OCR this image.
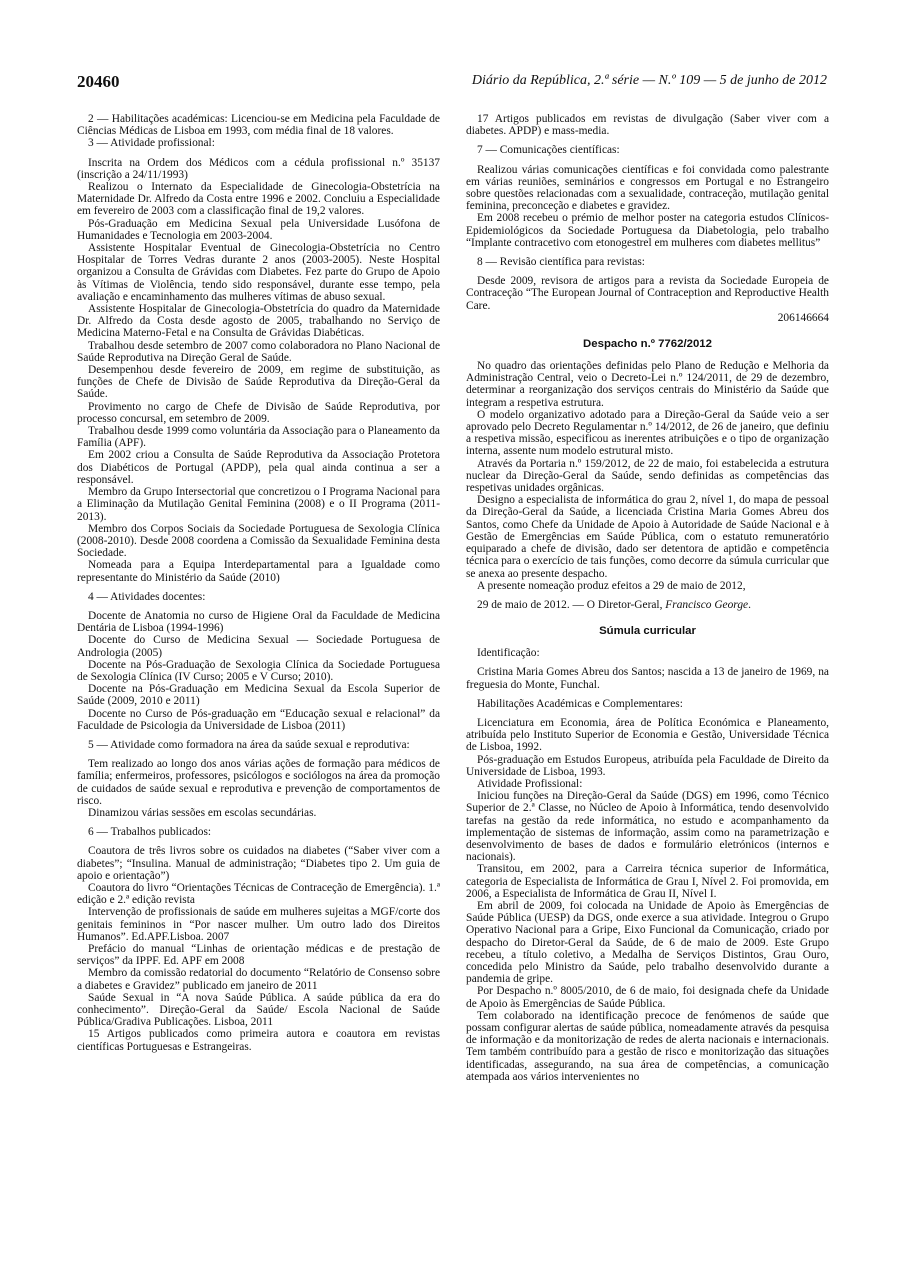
20460	Diário da República, 2.ª série — N.º 109 — 5 de junho de 2012

2 — Habilitações académicas: Licenciou-se em Medicina pela Faculdade de Ciências Médicas de Lisboa em 1993, com média final de 18 valores.

3 — Atividade profissional:

Inscrita na Ordem dos Médicos com a cédula profissional n.º 35137 (inscrição a 24/11/1993)

Realizou o Internato da Especialidade de Ginecologia-Obstetrícia na Maternidade Dr. Alfredo da Costa entre 1996 e 2002. Concluiu a Especialidade em fevereiro de 2003 com a classificação final de 19,2 valores.

Pós-Graduação em Medicina Sexual pela Universidade Lusófona de Humanidades e Tecnologia em 2003-2004.

Assistente Hospitalar Eventual de Ginecologia-Obstetrícia no Centro Hospitalar de Torres Vedras durante 2 anos (2003-2005). Neste Hospital organizou a Consulta de Grávidas com Diabetes. Fez parte do Grupo de Apoio às Vítimas de Violência, tendo sido responsável, durante esse tempo, pela avaliação e encaminhamento das mulheres vítimas de abuso sexual.

Assistente Hospitalar de Ginecologia-Obstetrícia do quadro da Maternidade Dr. Alfredo da Costa desde agosto de 2005, trabalhando no Serviço de Medicina Materno-Fetal e na Consulta de Grávidas Diabéticas.

Trabalhou desde setembro de 2007 como colaboradora no Plano Nacional de Saúde Reprodutiva na Direção Geral de Saúde.

Desempenhou desde fevereiro de 2009, em regime de substituição, as funções de Chefe de Divisão de Saúde Reprodutiva da Direção-Geral da Saúde.

Provimento no cargo de Chefe de Divisão de Saúde Reprodutiva, por processo concursal, em setembro de 2009.

Trabalhou desde 1999 como voluntária da Associação para o Planeamento da Família (APF).

Em 2002 criou a Consulta de Saúde Reprodutiva da Associação Protetora dos Diabéticos de Portugal (APDP), pela qual ainda continua a ser a responsável.

Membro da Grupo Intersectorial que concretizou o I Programa Nacional para a Eliminação da Mutilação Genital Feminina (2008) e o II Programa (2011-2013).

Membro dos Corpos Sociais da Sociedade Portuguesa de Sexologia Clínica (2008-2010). Desde 2008 coordena a Comissão da Sexualidade Feminina desta Sociedade.

Nomeada para a Equipa Interdepartamental para a Igualdade como representante do Ministério da Saúde (2010)

4 — Atividades docentes:

Docente de Anatomia no curso de Higiene Oral da Faculdade de Medicina Dentária de Lisboa (1994-1996)

Docente do Curso de Medicina Sexual — Sociedade Portuguesa de Andrologia (2005)

Docente na Pós-Graduação de Sexologia Clínica da Sociedade Portuguesa de Sexologia Clínica (IV Curso; 2005 e V Curso; 2010).

Docente na Pós-Graduação em Medicina Sexual da Escola Superior de Saúde (2009, 2010 e 2011)

Docente no Curso de Pós-graduação em “Educação sexual e relacional” da Faculdade de Psicologia da Universidade de Lisboa (2011)

5 — Atividade como formadora na área da saúde sexual e reprodutiva:

Tem realizado ao longo dos anos várias ações de formação para médicos de família; enfermeiros, professores, psicólogos e sociólogos na área da promoção de cuidados de saúde sexual e reprodutiva e prevenção de comportamentos de risco.

Dinamizou várias sessões em escolas secundárias.

6 — Trabalhos publicados:

Coautora de três livros sobre os cuidados na diabetes (“Saber viver com a diabetes”; “Insulina. Manual de administração; “Diabetes tipo 2. Um guia de apoio e orientação”)

Coautora do livro “Orientações Técnicas de Contraceção de Emergência). 1.ª edição e 2.ª edição revista

Intervenção de profissionais de saúde em mulheres sujeitas a MGF/corte dos genitais femininos in “Por nascer mulher. Um outro lado dos Direitos Humanos”. Ed.APF.Lisboa. 2007

Prefácio do manual “Linhas de orientação médicas e de prestação de serviços” da IPPF. Ed. APF em 2008

Membro da comissão redatorial do documento “Relatório de Consenso sobre a diabetes e Gravidez” publicado em janeiro de 2011

Saúde Sexual in “A nova Saúde Pública. A saúde pública da era do conhecimento”. Direção-Geral da Saúde/ Escola Nacional de Saúde Pública/Gradiva Publicações. Lisboa, 2011

15 Artigos publicados como primeira autora e coautora em revistas científicas Portuguesas e Estrangeiras.

17 Artigos publicados em revistas de divulgação (Saber viver com a diabetes. APDP) e mass-media.

7 — Comunicações científicas:

Realizou várias comunicações científicas e foi convidada como palestrante em várias reuniões, seminários e congressos em Portugal e no Estrangeiro sobre questões relacionadas com a sexualidade, contraceção, mutilação genital feminina, preconceção e diabetes e gravidez.

Em 2008 recebeu o prémio de melhor poster na categoria estudos Clínicos-Epidemiológicos da Sociedade Portuguesa da Diabetologia, pelo trabalho “Implante contracetivo com etonogestrel em mulheres com diabetes mellitus”

8 — Revisão científica para revistas:

Desde 2009, revisora de artigos para a revista da Sociedade Europeia de Contraceção “The European Journal of Contraception and Reproductive Health Care.

206146664

Despacho n.º 7762/2012

No quadro das orientações definidas pelo Plano de Redução e Melhoria da Administração Central, veio o Decreto-Lei n.º 124/2011, de 29 de dezembro, determinar a reorganização dos serviços centrais do Ministério da Saúde que integram a respetiva estrutura.

O modelo organizativo adotado para a Direção-Geral da Saúde veio a ser aprovado pelo Decreto Regulamentar n.º 14/2012, de 26 de janeiro, que definiu a respetiva missão, especificou as inerentes atribuições e o tipo de organização interna, assente num modelo estrutural misto.

Através da Portaria n.º 159/2012, de 22 de maio, foi estabelecida a estrutura nuclear da Direção-Geral da Saúde, sendo definidas as competências das respetivas unidades orgânicas.

Designo a especialista de informática do grau 2, nível 1, do mapa de pessoal da Direção-Geral da Saúde, a licenciada Cristina Maria Gomes Abreu dos Santos, como Chefe da Unidade de Apoio à Autoridade de Saúde Nacional e à Gestão de Emergências em Saúde Pública, com o estatuto remuneratório equiparado a chefe de divisão, dado ser detentora de aptidão e competência técnica para o exercício de tais funções, como decorre da súmula curricular que se anexa ao presente despacho.

A presente nomeação produz efeitos a 29 de maio de 2012,

29 de maio de 2012. — O Diretor-Geral, Francisco George.

Súmula curricular

Identificação:

Cristina Maria Gomes Abreu dos Santos; nascida a 13 de janeiro de 1969, na freguesia do Monte, Funchal.

Habilitações Académicas e Complementares:

Licenciatura em Economia, área de Política Económica e Planeamento, atribuída pelo Instituto Superior de Economia e Gestão, Universidade Técnica de Lisboa, 1992.

Pós-graduação em Estudos Europeus, atribuída pela Faculdade de Direito da Universidade de Lisboa, 1993.

Atividade Profissional:

Iniciou funções na Direção-Geral da Saúde (DGS) em 1996, como Técnico Superior de 2.ª Classe, no Núcleo de Apoio à Informática, tendo desenvolvido tarefas na gestão da rede informática, no estudo e acompanhamento da implementação de sistemas de informação, assim como na parametrização e desenvolvimento de bases de dados e formulário eletrónicos (internos e nacionais).

Transitou, em 2002, para a Carreira técnica superior de Informática, categoria de Especialista de Informática de Grau I, Nível 2. Foi promovida, em 2006, a Especialista de Informática de Grau II, Nível I.

Em abril de 2009, foi colocada na Unidade de Apoio às Emergências de Saúde Pública (UESP) da DGS, onde exerce a sua atividade. Integrou o Grupo Operativo Nacional para a Gripe, Eixo Funcional da Comunicação, criado por despacho do Diretor-Geral da Saúde, de 6 de maio de 2009. Este Grupo recebeu, a título coletivo, a Medalha de Serviços Distintos, Grau Ouro, concedida pelo Ministro da Saúde, pelo trabalho desenvolvido durante a pandemia de gripe.

Por Despacho n.º 8005/2010, de 6 de maio, foi designada chefe da Unidade de Apoio às Emergências de Saúde Pública.

Tem colaborado na identificação precoce de fenómenos de saúde que possam configurar alertas de saúde pública, nomeadamente através da pesquisa de informação e da monitorização de redes de alerta nacionais e internacionais. Tem também contribuído para a gestão de risco e monitorização das situações identificadas, assegurando, na sua área de competências, a comunicação atempada aos vários intervenientes no
